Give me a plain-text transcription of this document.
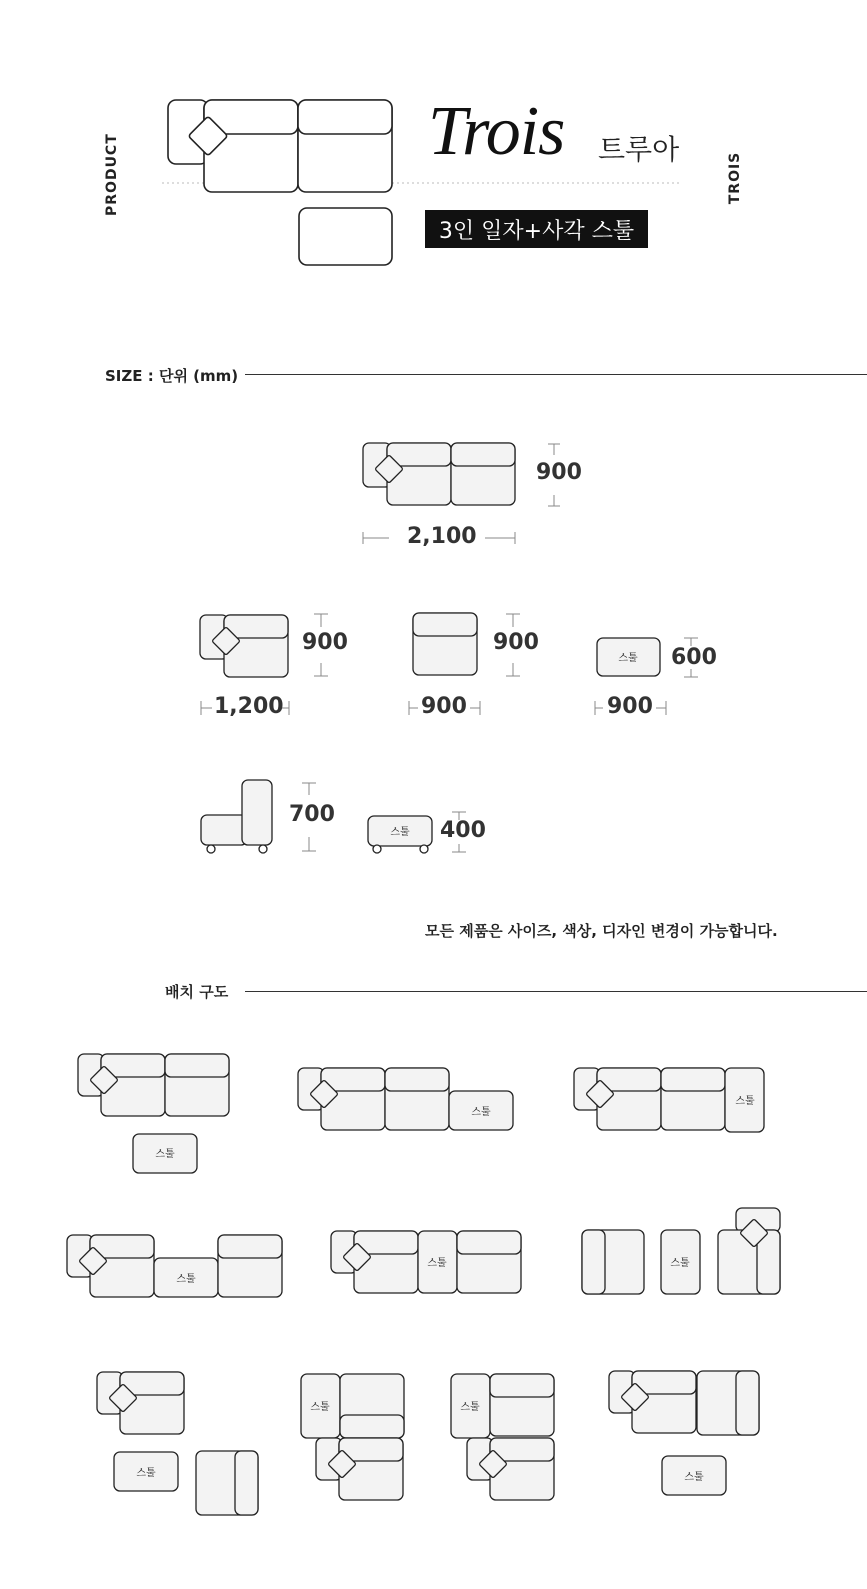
PRODUCT	TROIS
Trois 트루아
3인 일자+사각 스툴
SIZE : 단위 (mm)
900
2,100
900
1,200
900
900
스툴 600
900
700
스툴 400
모든 제품은 사이즈, 색상, 디자인 변경이 가능합니다.
배치 구도
스툴
스툴
스툴
스툴
스툴	스툴
스툴
스툴	스툴
스툴
